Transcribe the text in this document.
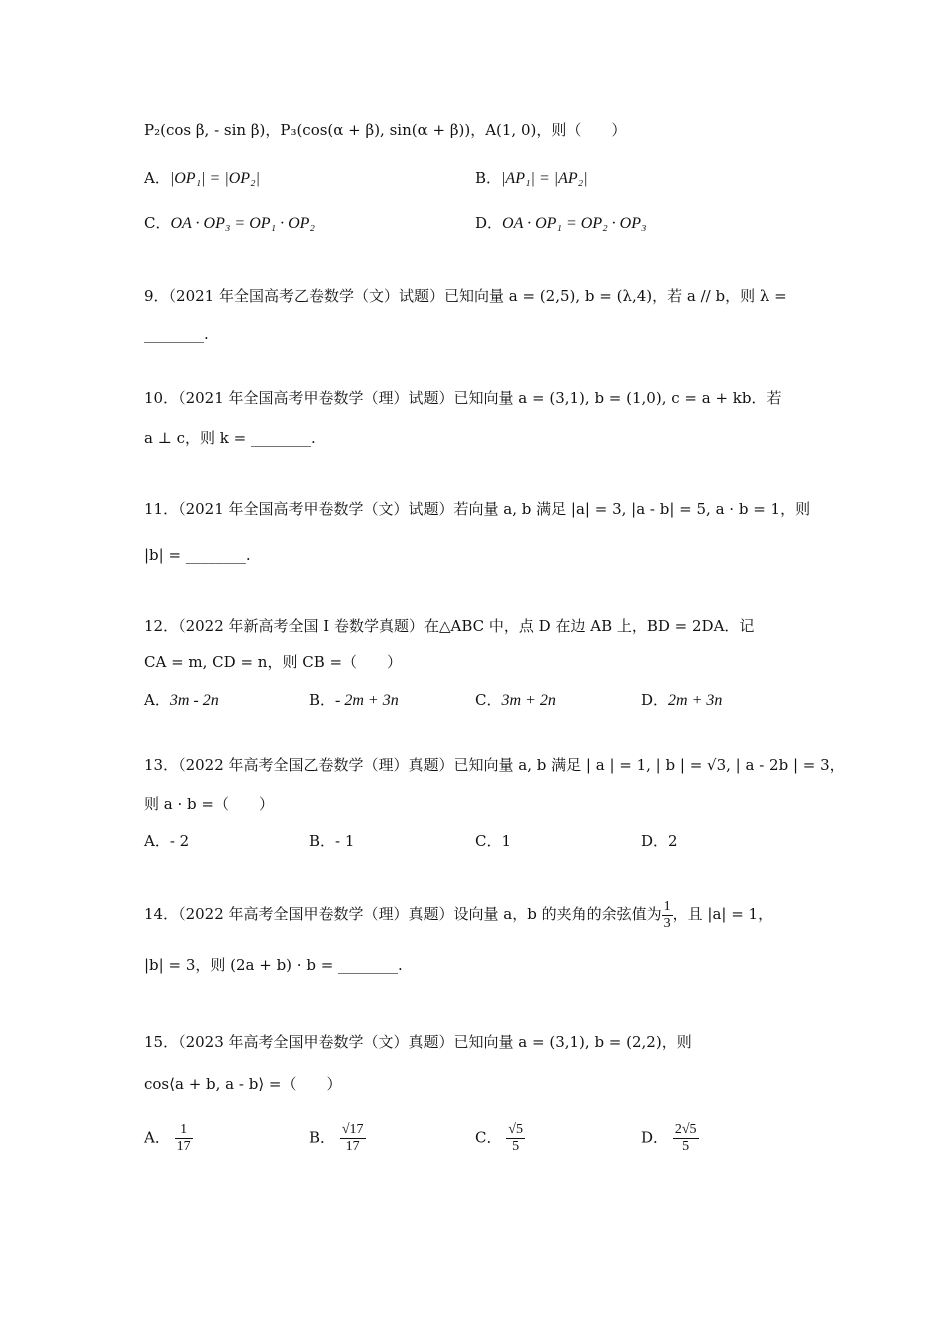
P₂(cos β, - sin β)，P₃(cos(α + β), sin(α + β))，A(1, 0)，则（　　）
A．|OP₁| = |OP₂|	B．|AP₁| = |AP₂|
C．OA · OP₃ = OP₁ · OP₂	D．OA · OP₁ = OP₂ · OP₃
9．（2021 年全国高考乙卷数学（文）试题）已知向量 a = (2,5), b = (λ,4)，若 a // b，则 λ =
________.
10．（2021 年全国高考甲卷数学（理）试题）已知向量 a = (3,1), b = (1,0), c = a + kb．若
a ⊥ c，则 k = ________.
11．（2021 年全国高考甲卷数学（文）试题）若向量 a, b 满足 |a| = 3, |a - b| = 5, a · b = 1，则
|b| = ________.
12．（2022 年新高考全国 I 卷数学真题）在△ABC 中，点 D 在边 AB 上，BD = 2DA．记
CA = m, CD = n，则 CB =（　　）
A．3m - 2n	B．- 2m + 3n	C．3m + 2n	D．2m + 3n
13．（2022 年高考全国乙卷数学（理）真题）已知向量 a, b 满足 | a | = 1, | b | = √3, | a - 2b | = 3，
则 a · b =（　　）
A．- 2	B．- 1	C．1	D．2
14．（2022 年高考全国甲卷数学（理）真题）设向量 a，b 的夹角的余弦值为 $\frac{1}{3}$ ，且 |a| = 1，
|b| = 3，则 (2a + b) · b = ________.
15．（2023 年高考全国甲卷数学（文）真题）已知向量 a = (3,1), b = (2,2)，则
cos⟨a + b, a - b⟩ =（　　）
A． $\frac{1}{17}$	B． $\frac{√17}{17}$	C． $\frac{√5}{5}$	D． $\frac{2√5}{5}$
